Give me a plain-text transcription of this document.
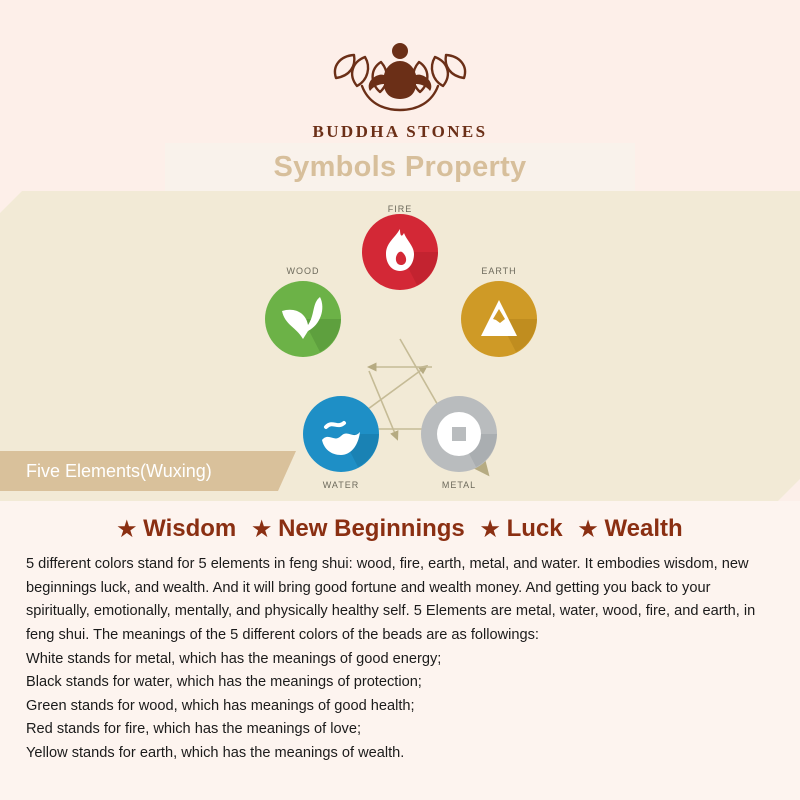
BUDDHA STONES
Symbols Property
FIRE
EARTH
METAL
WATER
WOOD
Five Elements(Wuxing)
★ Wisdom ★ New Beginnings ★ Luck ★ Wealth

5 different colors stand for 5 elements in feng shui: wood, fire, earth, metal, and water. It embodies wisdom, new beginnings luck, and wealth. And it will bring good fortune and wealth money. And getting you back to your spiritually, emotionally, mentally, and physically healthy self. 5 Elements are metal, water, wood, fire, and earth, in feng shui. The meanings of the 5 different colors of the beads are as followings:

White stands for metal, which has the meanings of good energy;

Black stands for water, which has the meanings of protection;

Green stands for wood, which has meanings of good health;

Red stands for fire, which has the meanings of love;

Yellow stands for earth, which has the meanings of wealth.
